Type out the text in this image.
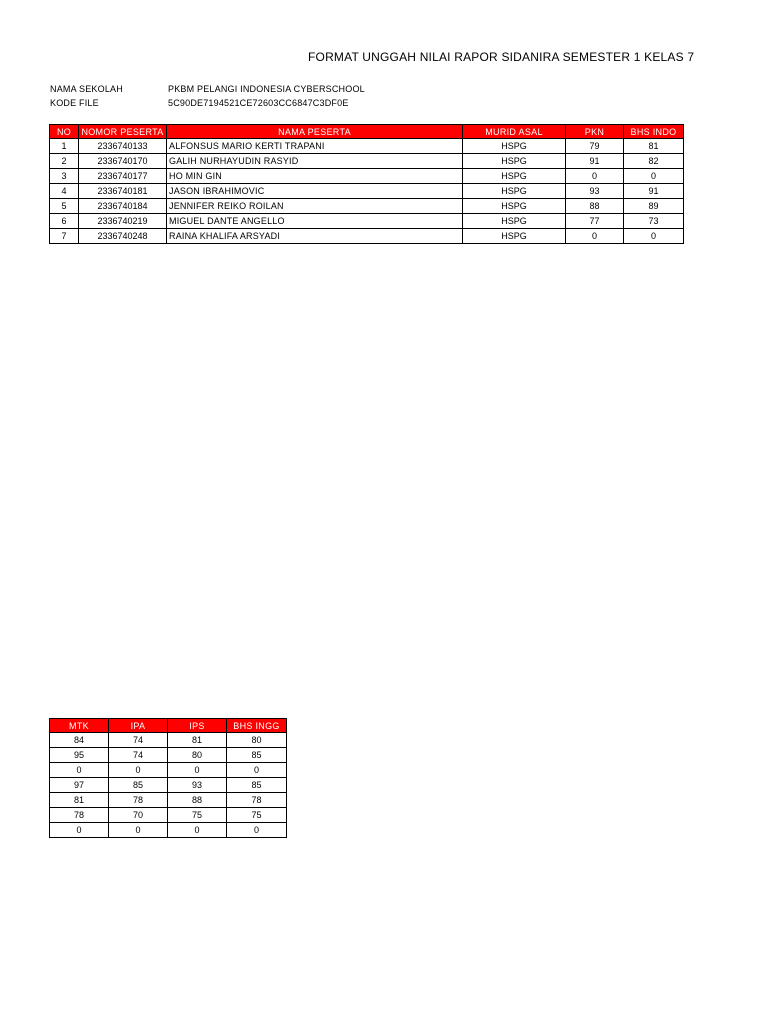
FORMAT UNGGAH NILAI RAPOR SIDANIRA SEMESTER 1 KELAS 7
NAMA SEKOLAH	PKBM PELANGI INDONESIA CYBERSCHOOL
KODE FILE	5C90DE7194521CE72603CC6847C3DF0E
NO	NOMOR PESERTA	NAMA PESERTA	MURID ASAL	PKN	BHS INDO
1	2336740133	ALFONSUS MARIO KERTI TRAPANI	HSPG	79	81
2	2336740170	GALIH NURHAYUDIN RASYID	HSPG	91	82
3	2336740177	HO MIN GIN	HSPG	0	0
4	2336740181	JASON IBRAHIMOVIC	HSPG	93	91
5	2336740184	JENNIFER REIKO ROILAN	HSPG	88	89
6	2336740219	MIGUEL DANTE ANGELLO	HSPG	77	73
7	2336740248	RAINA KHALIFA ARSYADI	HSPG	0	0
MTK	IPA	IPS	BHS INGG
84	74	81	80
95	74	80	85
0	0	0	0
97	85	93	85
81	78	88	78
78	70	75	75
0	0	0	0
